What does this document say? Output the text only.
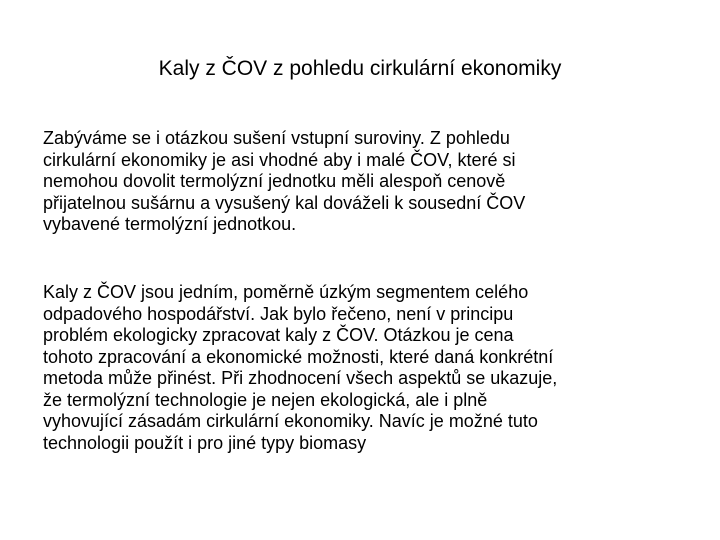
Kaly z ČOV z pohledu cirkulární ekonomiky
Zabýváme se i otázkou sušení vstupní suroviny. Z pohledu
cirkulární ekonomiky je asi vhodné aby i malé ČOV, které si
nemohou dovolit termolýzní jednotku měli alespoň cenově
přijatelnou sušárnu a vysušený kal dováželi k sousední ČOV
vybavené termolýzní jednotkou.
Kaly z ČOV jsou jedním, poměrně úzkým segmentem celého
odpadového hospodářství. Jak bylo řečeno, není v principu
problém ekologicky zpracovat kaly z ČOV. Otázkou je cena
tohoto zpracování a ekonomické možnosti, které daná konkrétní
metoda může přinést. Při zhodnocení všech aspektů se ukazuje,
že termolýzní technologie je nejen ekologická, ale i plně
vyhovující zásadám cirkulární ekonomiky. Navíc je možné tuto
technologii použít i pro jiné typy biomasy
